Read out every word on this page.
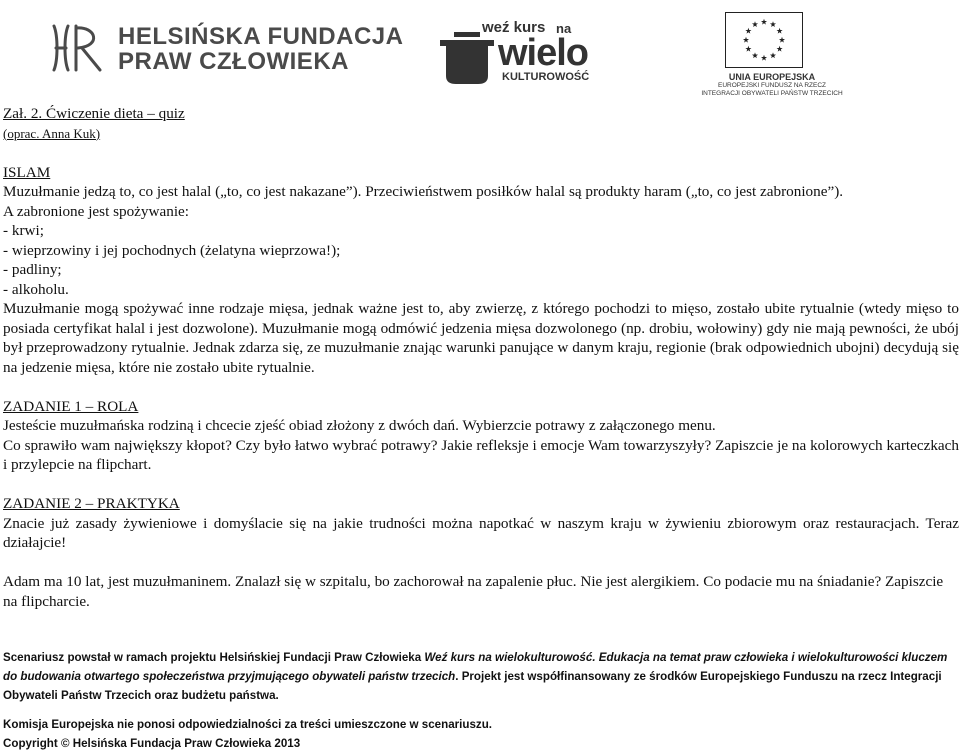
HELSIŃSKA FUNDACJA
PRAW CZŁOWIEKA
weź kurs na
wielo
KULTUROWOŚĆ	UNIA EUROPEJSKA
EUROPEJSKI FUNDUSZ NA RZECZ
INTEGRACJI OBYWATELI PAŃSTW TRZECICH

Zał. 2. Ćwiczenie dieta – quiz

(oprac. Anna Kuk)

ISLAM

Muzułmanie jedzą to, co jest halal („to, co jest nakazane”). Przeciwieństwem posiłków halal są produkty haram („to, co jest zabronione”).

A zabronione jest spożywanie:

- krwi;

- wieprzowiny i jej pochodnych (żelatyna wieprzowa!);

- padliny;

- alkoholu.

Muzułmanie mogą spożywać inne rodzaje mięsa, jednak ważne jest to, aby zwierzę, z którego pochodzi to mięso, zostało ubite rytualnie (wtedy mięso to posiada certyfikat halal i jest dozwolone). Muzułmanie mogą odmówić jedzenia mięsa dozwolonego (np. drobiu, wołowiny) gdy nie mają pewności, że ubój był przeprowadzony rytualnie. Jednak zdarza się, ze muzułmanie znając warunki panujące w danym kraju, regionie (brak odpowiednich ubojni) decydują się na jedzenie mięsa, które nie zostało ubite rytualnie.

ZADANIE 1 – ROLA

Jesteście muzułmańska rodziną i chcecie zjeść obiad złożony z dwóch dań. Wybierzcie potrawy z załączonego menu.

Co sprawiło wam największy kłopot? Czy było łatwo wybrać potrawy? Jakie refleksje i emocje Wam towarzyszyły? Zapiszcie je na kolorowych karteczkach i przylepcie na flipchart.

ZADANIE 2 – PRAKTYKA

Znacie już zasady żywieniowe i domyślacie się na jakie trudności można napotkać w naszym kraju w żywieniu zbiorowym oraz restauracjach. Teraz działajcie!

Adam ma 10 lat, jest muzułmaninem. Znalazł się w szpitalu, bo zachorował na zapalenie płuc. Nie jest alergikiem. Co podacie mu na śniadanie? Zapiszcie na flipcharcie.

Scenariusz powstał w ramach projektu Helsińskiej Fundacji Praw Człowieka Weź kurs na wielokulturowość. Edukacja na temat praw człowieka i wielokulturowości kluczem do budowania otwartego społeczeństwa przyjmującego obywateli państw trzecich. Projekt jest współfinansowany ze środków Europejskiego Funduszu na rzecz Integracji Obywateli Państw Trzecich oraz budżetu państwa.

Komisja Europejska nie ponosi odpowiedzialności za treści umieszczone w scenariuszu.

Copyright © Helsińska Fundacja Praw Człowieka 2013
